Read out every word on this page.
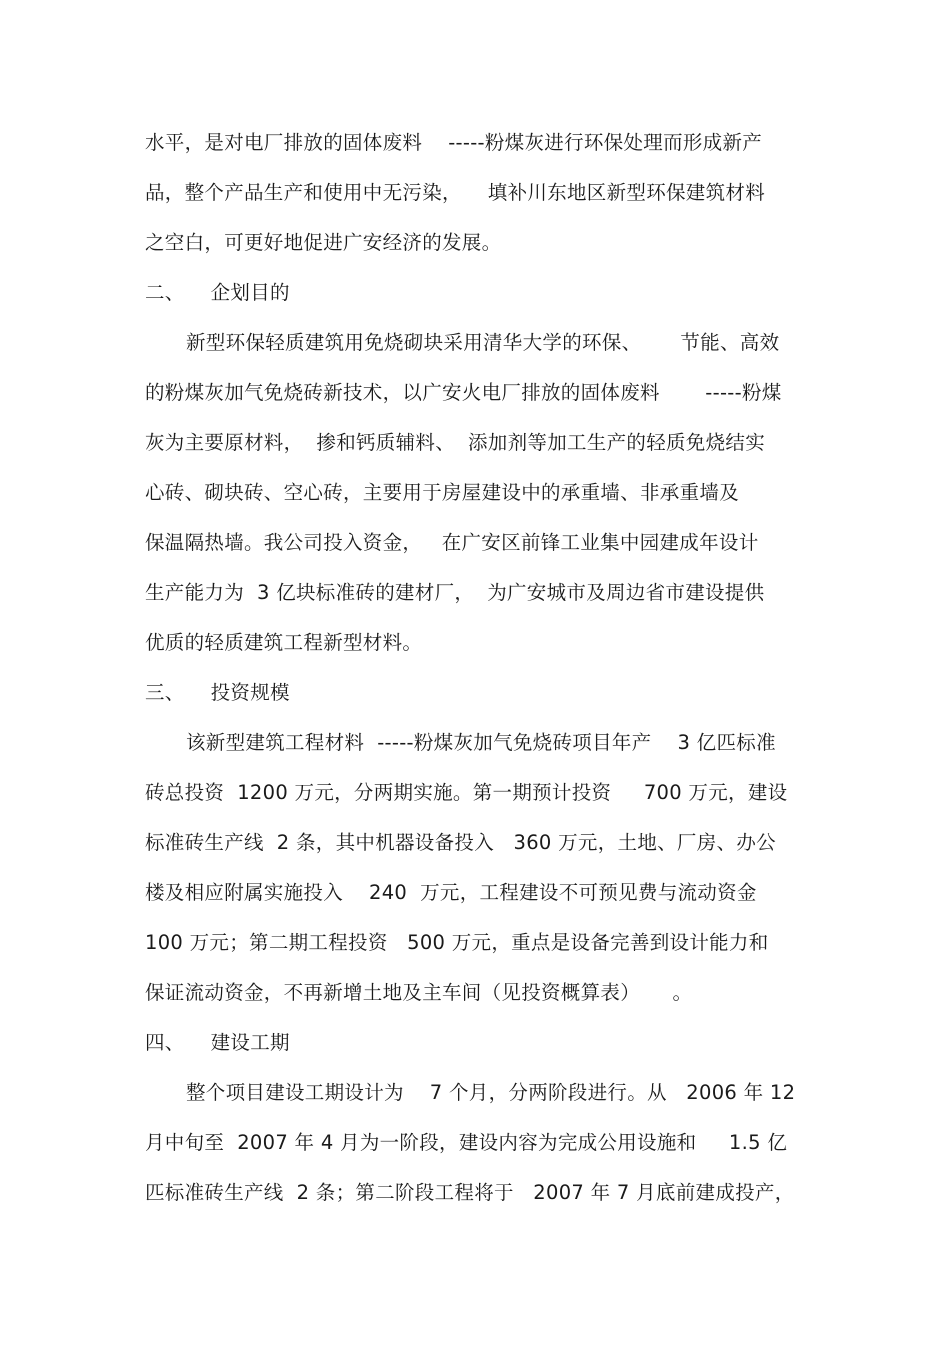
水平，是对电厂排放的固体废料    -----粉煤灰进行环保处理而形成新产
品，整个产品生产和使用中无污染，    填补川东地区新型环保建筑材料
之空白，可更好地促进广安经济的发展。
二、    企划目的
新型环保轻质建筑用免烧砌块采用清华大学的环保、      节能、高效
的粉煤灰加气免烧砖新技术，以广安火电厂排放的固体废料       -----粉煤
灰为主要原材料，  掺和钙质辅料、  添加剂等加工生产的轻质免烧结实
心砖、砌块砖、空心砖，主要用于房屋建设中的承重墙、非承重墙及
保温隔热墙。我公司投入资金，   在广安区前锋工业集中园建成年设计
生产能力为  3 亿块标准砖的建材厂，  为广安城市及周边省市建设提供
优质的轻质建筑工程新型材料。
三、    投资规模
该新型建筑工程材料  -----粉煤灰加气免烧砖项目年产    3 亿匹标准
砖总投资  1200 万元，分两期实施。第一期预计投资     700 万元，建设
标准砖生产线  2 条，其中机器设备投入   360 万元，土地、厂房、办公
楼及相应附属实施投入    240  万元，工程建设不可预见费与流动资金
100 万元；第二期工程投资   500 万元，重点是设备完善到设计能力和
保证流动资金，不再新增土地及主车间（见投资概算表）     。
四、    建设工期
整个项目建设工期设计为    7 个月，分两阶段进行。从   2006 年 12
月中旬至  2007 年 4 月为一阶段，建设内容为完成公用设施和     1.5 亿
匹标准砖生产线  2 条；第二阶段工程将于   2007 年 7 月底前建成投产，
